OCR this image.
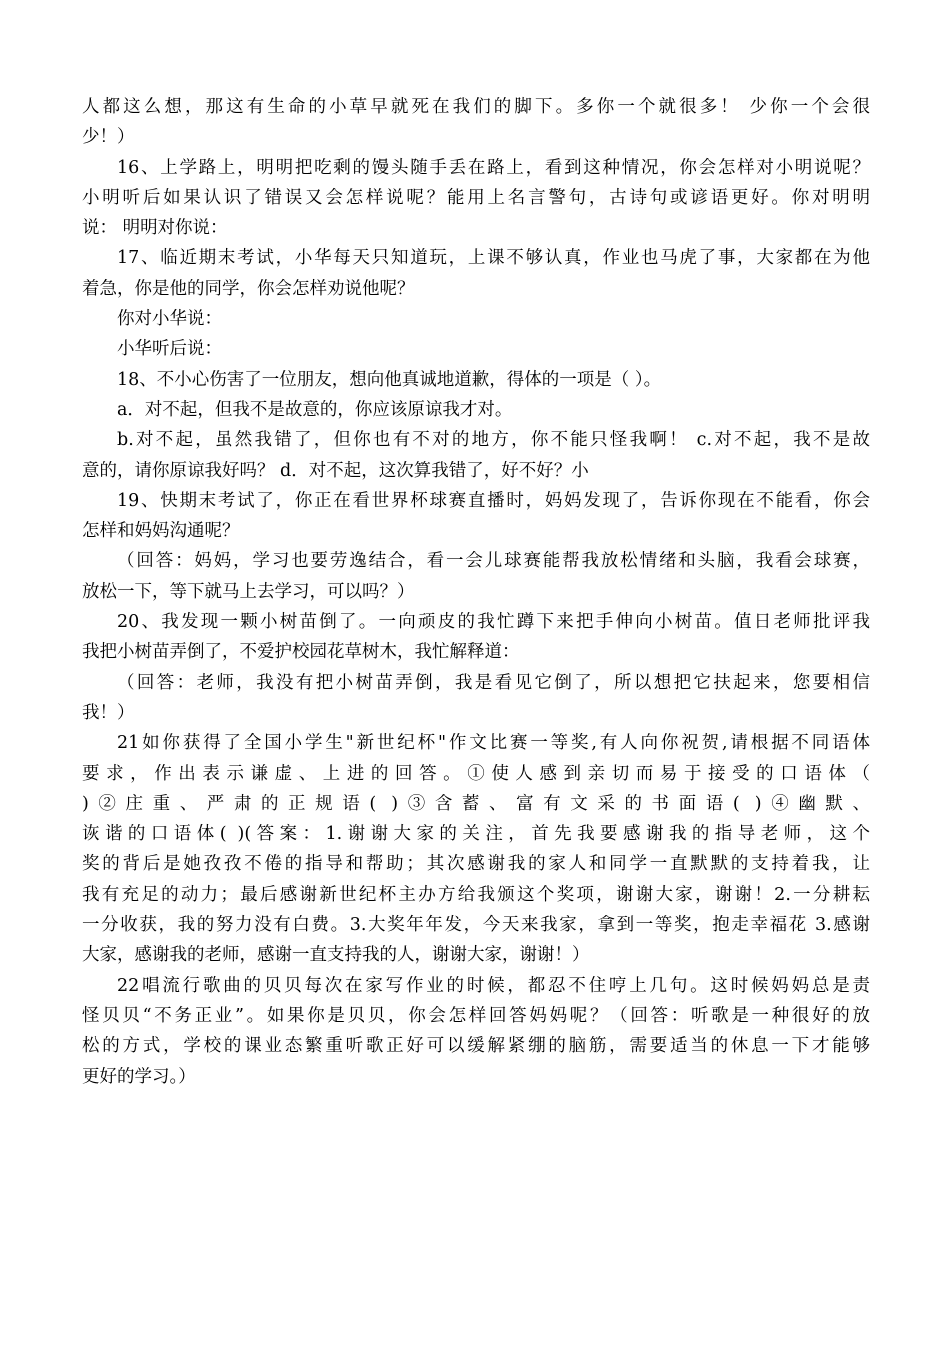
人都这么想，那这有生命的小草早就死在我们的脚下。多你一个就很多！ 少你一个会很
少！）
16、上学路上，明明把吃剩的馒头随手丢在路上，看到这种情况，你会怎样对小明说呢？
小明听后如果认识了错误又会怎样说呢？能用上名言警句，古诗句或谚语更好。你对明明
说： 明明对你说：
17、临近期末考试，小华每天只知道玩，上课不够认真，作业也马虎了事，大家都在为他
着急，你是他的同学，你会怎样劝说他呢？
你对小华说：
小华听后说：
18、不小心伤害了一位朋友，想向他真诚地道歉，得体的一项是（ ）。
a．对不起，但我不是故意的，你应该原谅我才对。
b.对不起，虽然我错了，但你也有不对的地方，你不能只怪我啊！ c.对不起，我不是故
意的，请你原谅我好吗？ d．对不起，这次算我错了，好不好？小
19、快期末考试了，你正在看世界杯球赛直播时，妈妈发现了，告诉你现在不能看，你会
怎样和妈妈沟通呢？
（回答：妈妈，学习也要劳逸结合，看一会儿球赛能帮我放松情绪和头脑，我看会球赛，
放松一下，等下就马上去学习，可以吗？）
20、我发现一颗小树苗倒了。一向顽皮的我忙蹲下来把手伸向小树苗。值日老师批评我
我把小树苗弄倒了，不爱护校园花草树木，我忙解释道：
（回答：老师，我没有把小树苗弄倒，我是看见它倒了，所以想把它扶起来，您要相信
我！）
21如你获得了全国小学生"新世纪杯"作文比赛一等奖,有人向你祝贺,请根据不同语体
要求，作出表示谦虚、上进的回答。①使人感到亲切而易于接受的口语体（
)②庄重、严肃的正规语( )③含蓄、富有文采的书面语( )④幽默、
诙谐的口语体( )(答案：1.谢谢大家的关注，首先我要感谢我的指导老师，这个
奖的背后是她孜孜不倦的指导和帮助；其次感谢我的家人和同学一直默默的支持着我，让
我有充足的动力；最后感谢新世纪杯主办方给我颁这个奖项，谢谢大家，谢谢！2.一分耕耘
一分收获，我的努力没有白费。3.大奖年年发，今天来我家，拿到一等奖，抱走幸福花 3.感谢
大家，感谢我的老师，感谢一直支持我的人，谢谢大家，谢谢！）
22唱流行歌曲的贝贝每次在家写作业的时候，都忍不住哼上几句。这时候妈妈总是责
怪贝贝“不务正业”。如果你是贝贝，你会怎样回答妈妈呢？（回答：听歌是一种很好的放
松的方式，学校的课业态繁重听歌正好可以缓解紧绷的脑筋，需要适当的休息一下才能够
更好的学习。）
